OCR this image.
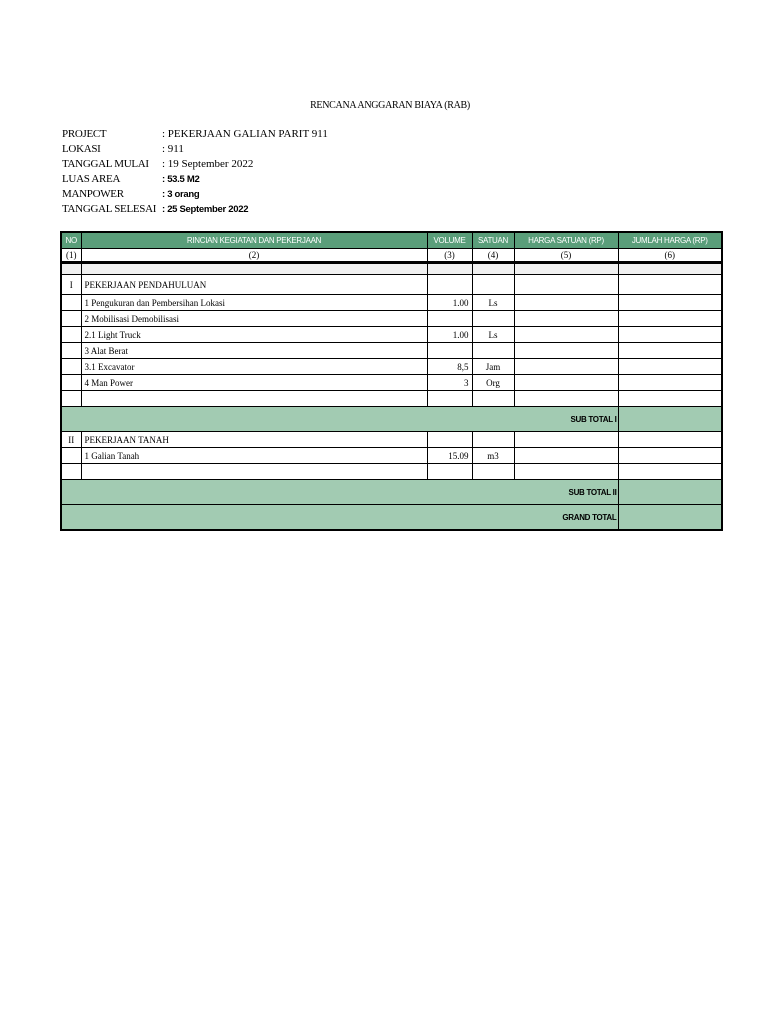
RENCANA ANGGARAN BIAYA (RAB)
PROJECT	: PEKERJAAN GALIAN PARIT 911
LOKASI	: 911
TANGGAL MULAI	: 19 September 2022
LUAS AREA	: 53.5 M2
MANPOWER	: 3 orang
TANGGAL SELESAI : 25 September 2022
NO	RINCIAN KEGIATAN DAN PEKERJAAN	VOLUME	SATUAN	HARGA SATUAN (RP)	JUMLAH HARGA (RP)
(1)	(2)	(3)	(4)	(5)	(6)

I	PEKERJAAN PENDAHULUAN				
	1 Pengukuran dan Pembersihan Lokasi	1.00	Ls		
	2 Mobilisasi Demobilisasi				
	2.1 Light Truck	1.00	Ls		
	3 Alat Berat				
	3.1 Excavator	8,5	Jam		
	4 Man Power	3	Org		

SUB TOTAL I					
II	PEKERJAAN TANAH				
	1 Galian Tanah	15.09	m3		

SUB TOTAL II					
GRAND TOTAL					
